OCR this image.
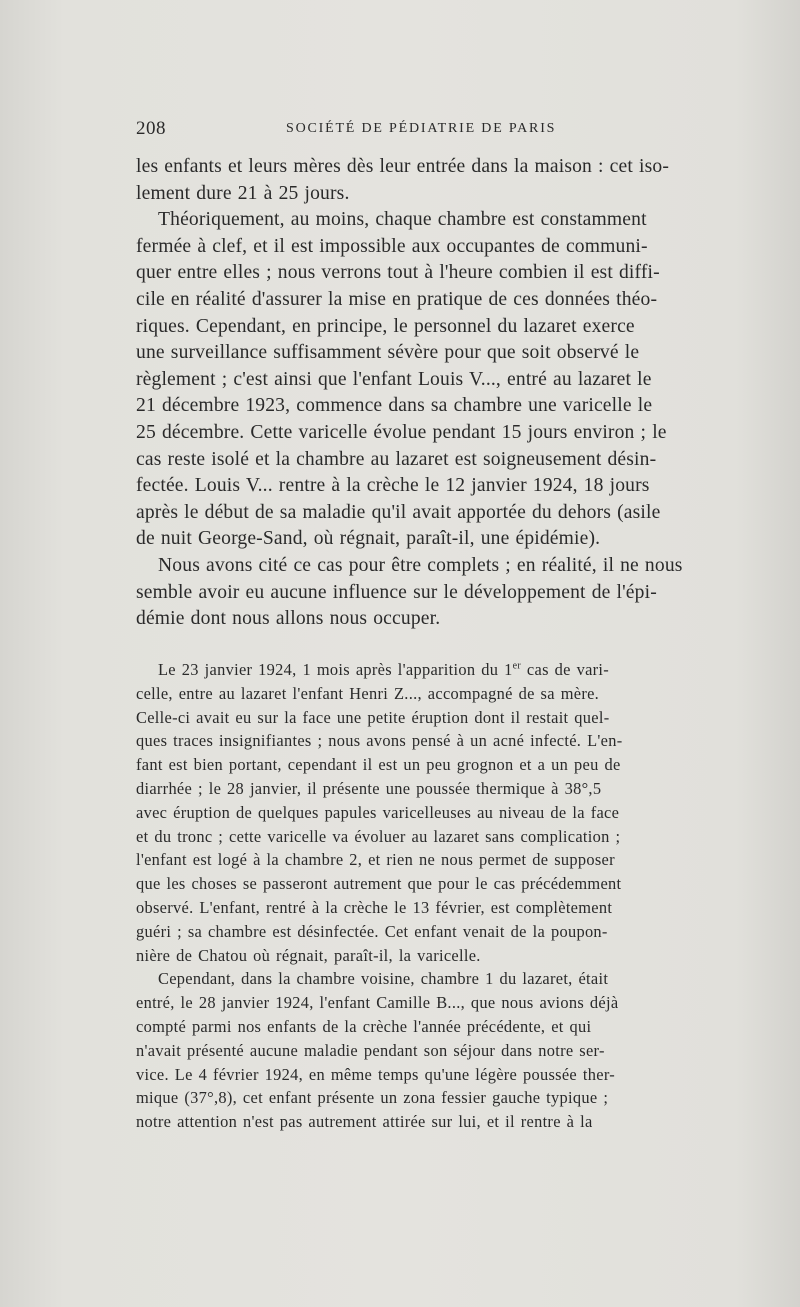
208	SOCIÉTÉ DE PÉDIATRIE DE PARIS
les enfants et leurs mères dès leur entrée dans la maison : cet iso-
lement dure 21 à 25 jours.
Théoriquement, au moins, chaque chambre est constamment
fermée à clef, et il est impossible aux occupantes de communi-
quer entre elles ; nous verrons tout à l'heure combien il est diffi-
cile en réalité d'assurer la mise en pratique de ces données théo-
riques. Cependant, en principe, le personnel du lazaret exerce
une surveillance suffisamment sévère pour que soit observé le
règlement ; c'est ainsi que l'enfant Louis V..., entré au lazaret le
21 décembre 1923, commence dans sa chambre une varicelle le
25 décembre. Cette varicelle évolue pendant 15 jours environ ; le
cas reste isolé et la chambre au lazaret est soigneusement désin-
fectée. Louis V... rentre à la crèche le 12 janvier 1924, 18 jours
après le début de sa maladie qu'il avait apportée du dehors (asile
de nuit George-Sand, où régnait, paraît-il, une épidémie).
Nous avons cité ce cas pour être complets ; en réalité, il ne nous
semble avoir eu aucune influence sur le développement de l'épi-
démie dont nous allons nous occuper.
Le 23 janvier 1924, 1 mois après l'apparition du 1er cas de vari-
celle, entre au lazaret l'enfant Henri Z..., accompagné de sa mère.
Celle-ci avait eu sur la face une petite éruption dont il restait quel-
ques traces insignifiantes ; nous avons pensé à un acné infecté. L'en-
fant est bien portant, cependant il est un peu grognon et a un peu de
diarrhée ; le 28 janvier, il présente une poussée thermique à 38°,5
avec éruption de quelques papules varicelleuses au niveau de la face
et du tronc ; cette varicelle va évoluer au lazaret sans complication ;
l'enfant est logé à la chambre 2, et rien ne nous permet de supposer
que les choses se passeront autrement que pour le cas précédemment
observé. L'enfant, rentré à la crèche le 13 février, est complètement
guéri ; sa chambre est désinfectée. Cet enfant venait de la poupon-
nière de Chatou où régnait, paraît-il, la varicelle.
Cependant, dans la chambre voisine, chambre 1 du lazaret, était
entré, le 28 janvier 1924, l'enfant Camille B..., que nous avions déjà
compté parmi nos enfants de la crèche l'année précédente, et qui
n'avait présenté aucune maladie pendant son séjour dans notre ser-
vice. Le 4 février 1924, en même temps qu'une légère poussée ther-
mique (37°,8), cet enfant présente un zona fessier gauche typique ;
notre attention n'est pas autrement attirée sur lui, et il rentre à la
